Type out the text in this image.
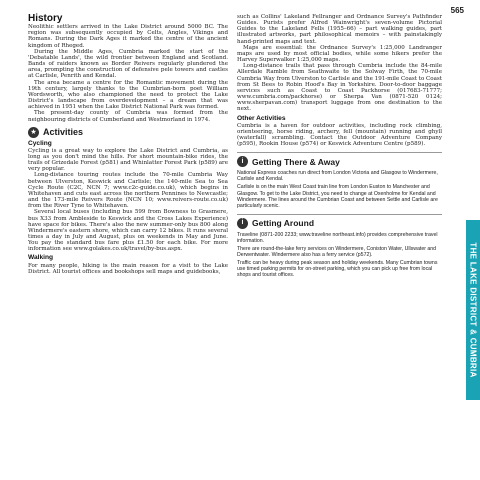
565
THE LAKE DISTRICT & CUMBRIA
History

Neolithic settlers arrived in the Lake District around 5000 BC. The region was subsequently occupied by Celts, Angles, Vikings and Romans. During the Dark Ages it marked the centre of the ancient kingdom of Rheged.

During the Middle Ages, Cumbria marked the start of the 'Debatable Lands', the wild frontier between England and Scotland. Bands of raiders known as Border Reivers regularly plundered the area, prompting the construction of defensive pele towers and castles at Carlisle, Penrith and Kendal.

The area became a centre for the Romantic movement during the 19th century, largely thanks to the Cumbrian-born poet William Wordsworth, who also championed the need to protect the Lake District's landscape from overdevelopment – a dream that was achieved in 1951 when the Lake District National Park was formed.

The present-day county of Cumbria was formed from the neighbouring districts of Cumberland and Westmorland in 1974.

★ Activities
Cycling

Cycling is a great way to explore the Lake District and Cumbria, as long as you don't mind the hills. For short mountain-bike rides, the trails of Grizedale Forest (p581) and Whinlatter Forest Park (p589) are very popular.

Long-distance touring routes include the 70-mile Cumbria Way between Ulverston, Keswick and Carlisle; the 140-mile Sea to Sea Cycle Route (C2C, NCN 7; www.c2c-guide.co.uk), which begins in Whitehaven and cuts east across the northern Pennines to Newcastle; and the 173-mile Reivers Route (NCN 10; www.reivers-route.co.uk) from the River Tyne to Whitehaven.

Several local buses (including bus 599 from Bowness to Grasmere, bus X33 from Ambleside to Keswick and the Cross Lakes Experience) have space for bikes. There's also the new summer-only bus 800 along Windermere's eastern shore, which can carry 12 bikes. It runs several times a day in July and August, plus on weekends in May and June. You pay the standard bus fare plus £1.50 for each bike. For more information see www.golakes.co.uk/travel/by-bus.aspx.

Walking

For many people, hiking is the main reason for a visit to the Lake District. All tourist offices and bookshops sell maps and guidebooks,

such as Collins' Lakeland Fellranger and Ordnance Survey's Pathfinder Guides. Purists prefer Alfred Wainwright's seven-volume Pictorial Guides to the Lakeland Fells (1955–66) – part walking guides, part illustrated artworks, part philosophical memoirs – with painstakingly hand-printed maps and text.

Maps are essential: the Ordnance Survey's 1:25,000 Landranger maps are used by most official bodies, while some hikers prefer the Harvey Superwalker 1:25,000 maps.

Long-distance trails that pass through Cumbria include the 84-mile Allerdale Ramble from Seathwaite to the Solway Firth, the 70-mile Cumbria Way from Ulverston to Carlisle and the 191-mile Coast to Coast from St Bees to Robin Hood's Bay in Yorkshire. Door-to-door baggage services such as Coast to Coast Packhorse (017683-71777; www.cumbria.com/packhorse) or Sherpa Van (0871-520 0124; www.sherpavan.com) transport luggage from one destination to the next.

Other Activities

Cumbria is a haven for outdoor activities, including rock climbing, orienteering, horse riding, archery, fell (mountain) running and ghyll (waterfall) scrambling. Contact the Outdoor Adventure Company (p595), Rookin House (p574) or Keswick Adventure Centre (p589).

i	Getting There & Away

National Express coaches run direct from London Victoria and Glasgow to Windermere, Carlisle and Kendal.

Carlisle is on the main West Coast train line from London Euston to Manchester and Glasgow. To get to the Lake District, you need to change at Oxenholme for Kendal and Windermere. The lines around the Cumbrian Coast and between Settle and Carlisle are particularly scenic.

i	Getting Around

Traveline (0871-200 2233; www.traveline northeast.info) provides comprehensive travel information.

There are round-the-lake ferry services on Windermere, Coniston Water, Ullswater and Derwentwater. Windermere also has a ferry service (p572).

Traffic can be heavy during peak season and holiday weekends. Many Cumbrian towns use timed parking permits for on-street parking, which you can pick up free from local shops and tourist offices.
